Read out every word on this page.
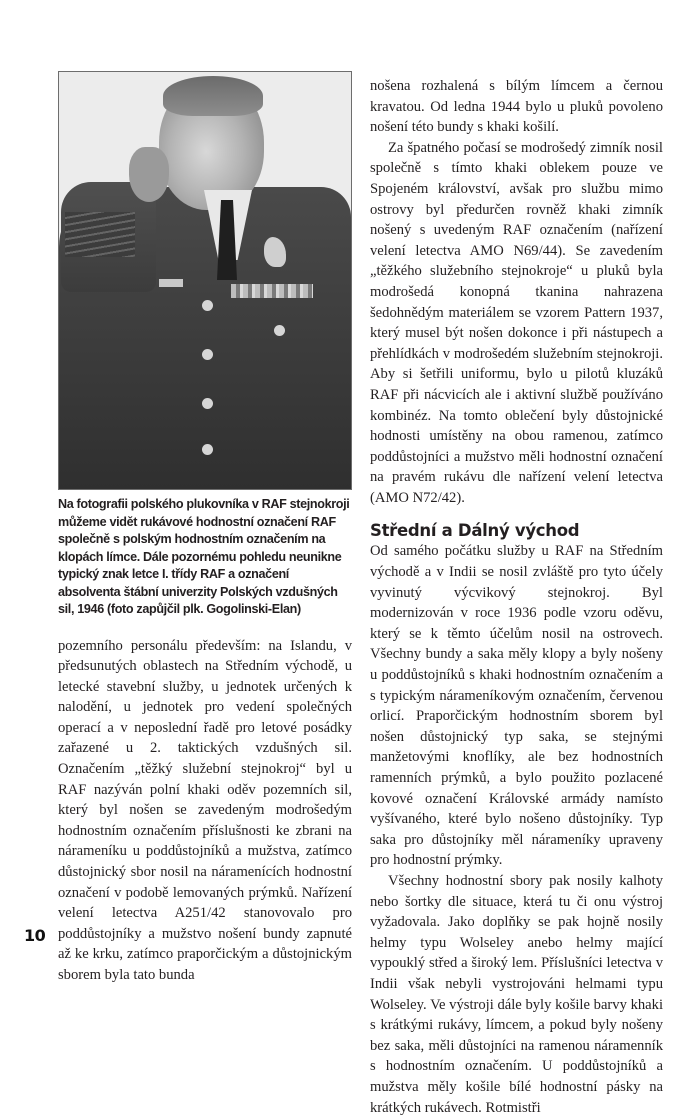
Na fotografii polského plukovníka v RAF stejnokroji můžeme vidět rukávové hodnostní označení RAF společně s polským hodnostním označením na klopách límce. Dále pozornému pohledu neunikne typický znak letce I. třídy RAF a označení absolventa štábní univerzity Polských vzdušných sil, 1946 (foto zapůjčil plk. Gogolinski-Elan)

pozemního personálu především: na Islandu, v předsunutých oblastech na Středním východě, u letecké stavební služby, u jednotek určených k nalodění, u jednotek pro vedení společných operací a v neposlední řadě pro letové posádky zařazené u 2. taktických vzdušných sil. Označením „těžký služební stejnokroj“ byl u RAF nazýván polní khaki oděv pozemních sil, který byl nošen se zavedeným modrošedým hodnostním označením příslušnosti ke zbrani na nárameníku u poddůstojníků a mužstva, zatímco důstojnický sbor nosil na náramenících hodnostní označení v podobě lemovaných prýmků. Nařízení velení letectva A251/42 stanovovalo pro poddůstojníky a mužstvo nošení bundy zapnuté až ke krku, zatímco praporčickým a důstojnickým sborem byla tato bunda

nošena rozhalená s bílým límcem a černou kravatou. Od ledna 1944 bylo u pluků povoleno nošení této bundy s khaki košilí.

Za špatného počasí se modrošedý zimník nosil společně s tímto khaki oblekem pouze ve Spojeném království, avšak pro službu mimo ostrovy byl předurčen rovněž khaki zimník nošený s uvedeným RAF označením (nařízení velení letectva AMO N69/44). Se zavedením „těžkého služebního stejnokroje“ u pluků byla modrošedá konopná tkanina nahrazena šedohnědým materiálem se vzorem Pattern 1937, který musel být nošen dokonce i při nástupech a přehlídkách v modrošedém služebním stejnokroji. Aby si šetřili uniformu, bylo u pilotů kluzáků RAF při nácvicích ale i aktivní službě používáno kombinéz. Na tomto oblečení byly důstojnické hodnosti umístěny na obou ramenou, zatímco poddůstojníci a mužstvo měli hodnostní označení na pravém rukávu dle nařízení velení letectva (AMO N72/42).

Střední a Dálný východ

Od samého počátku služby u RAF na Středním východě a v Indii se nosil zvláště pro tyto účely vyvinutý výcvikový stejnokroj. Byl modernizován v roce 1936 podle vzoru oděvu, který se k těmto účelům nosil na ostrovech. Všechny bundy a saka měly klopy a byly nošeny u poddůstojníků s khaki hodnostním označením a s typickým nárameníkovým označením, červenou orlicí. Praporčickým hodnostním sborem byl nošen důstojnický typ saka, se stejnými manžetovými knoflíky, ale bez hodnostních ramenních prýmků, a bylo použito pozlacené kovové označení Královské armády namísto vyšívaného, které bylo nošeno důstojníky. Typ saka pro důstojníky měl nárameníky upraveny pro hodnostní prýmky.

Všechny hodnostní sbory pak nosily kalhoty nebo šortky dle situace, která tu či onu výstroj vyžadovala. Jako doplňky se pak hojně nosily helmy typu Wolseley anebo helmy mající vypouklý střed a široký lem. Příslušníci letectva v Indii však nebyli vystrojováni helmami typu Wolseley. Ve výstroji dále byly košile barvy khaki s krátkými rukávy, límcem, a pokud byly nošeny bez saka, měli důstojníci na ramenou náramenník s hodnostním označením. U poddůstojníků a mužstva měly košile bílé hodnostní pásky na krátkých rukávech. Rotmistři

10
